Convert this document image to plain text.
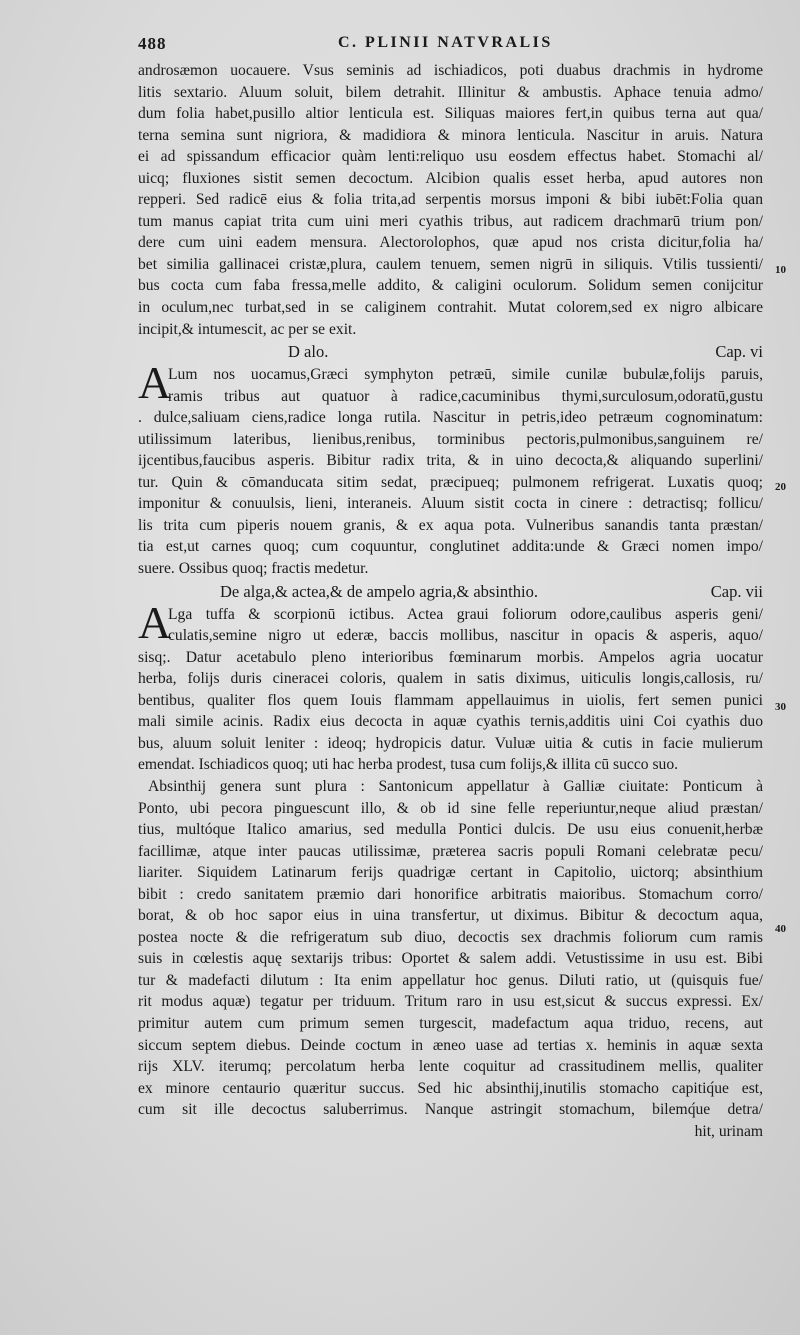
488	C. PLINII NATVRALIS
androsæmon uocauere. Vsus seminis ad ischiadicos, poti duabus drachmis in hydrome
litis sextario. Aluum soluit, bilem detrahit. Illinitur & ambustis. Aphace tenuia admo/
dum folia habet,pusillo altior lenticula est. Siliquas maiores fert,in quibus terna aut qua/
terna semina sunt nigriora, & madidiora & minora lenticula. Nascitur in aruis. Natura
ei ad spissandum efficacior quàm lenti:reliquo usu eosdem effectus habet. Stomachi al/
uicq; fluxiones sistit semen decoctum. Alcibion qualis esset herba, apud autores non
repperi. Sed radicē eius & folia trita,ad serpentis morsus imponi & bibi iubēt:Folia quan
tum manus capiat trita cum uini meri cyathis tribus, aut radicem drachmarū trium pon/
dere cum uini eadem mensura. Alectorolophos, quæ apud nos crista dicitur,folia ha/
bet similia gallinacei cristæ,plura, caulem tenuem, semen nigrū in siliquis. Vtilis tussienti/
bus cocta cum faba fressa,melle addito, & caligini oculorum. Solidum semen conijcitur
in oculum,nec turbat,sed in se caliginem contrahit. Mutat colorem,sed ex nigro albicare
incipit,& intumescit, ac per se exit.
D alo.	Cap. vi
A
Lum nos uocamus,Græci symphyton petræū, simile cunilæ bubulæ,folijs paruis,
ramis tribus aut quatuor à radice,cacuminibus thymi,surculosum,odoratū,gustu
. dulce,saliuam ciens,radice longa rutila. Nascitur in petris,ideo petræum cognominatum:
utilissimum lateribus, lienibus,renibus, torminibus pectoris,pulmonibus,sanguinem re/
ijcentibus,faucibus asperis. Bibitur radix trita, & in uino decocta,& aliquando superlini/
tur. Quin & cōmanducata sitim sedat, præcipueq; pulmonem refrigerat. Luxatis quoq;
imponitur & conuulsis, lieni, interaneis. Aluum sistit cocta in cinere : detractisq; follicu/
lis trita cum piperis nouem granis, & ex aqua pota. Vulneribus sanandis tanta præstan/
tia est,ut carnes quoq; cum coquuntur, conglutinet addita:unde & Græci nomen impo/
suere. Ossibus quoq; fractis medetur.
De alga,& actea,& de ampelo agria,& absinthio.	Cap. vii
A
Lga tuffa & scorpionū ictibus. Actea graui foliorum odore,caulibus asperis geni/
culatis,semine nigro ut ederæ, baccis mollibus, nascitur in opacis & asperis, aquo/
sisq;. Datur acetabulo pleno interioribus fœminarum morbis. Ampelos agria uocatur
herba, folijs duris cineracei coloris, qualem in satis diximus, uiticulis longis,callosis, ru/
bentibus, qualiter flos quem Iouis flammam appellauimus in uiolis, fert semen punici
mali simile acinis. Radix eius decocta in aquæ cyathis ternis,additis uini Coi cyathis duo
bus, aluum soluit leniter : ideoq; hydropicis datur. Vuluæ uitia & cutis in facie mulierum
emendat. Ischiadicos quoq; uti hac herba prodest, tusa cum folijs,& illita cū succo suo.
Absinthij genera sunt plura : Santonicum appellatur à Galliæ ciuitate: Ponticum à
Ponto, ubi pecora pinguescunt illo, & ob id sine felle reperiuntur,neque aliud præstan/
tius, multóque Italico amarius, sed medulla Pontici dulcis. De usu eius conuenit,herbæ
facillimæ, atque inter paucas utilissimæ, præterea sacris populi Romani celebratæ pecu/
liariter. Siquidem Latinarum ferijs quadrigæ certant in Capitolio, uictorq; absinthium
bibit : credo sanitatem præmio dari honorifice arbitratis maioribus. Stomachum corro/
borat, & ob hoc sapor eius in uina transfertur, ut diximus. Bibitur & decoctum aqua,
postea nocte & die refrigeratum sub diuo, decoctis sex drachmis foliorum cum ramis
suis in cœlestis aquę sextarijs tribus: Oportet & salem addi. Vetustissime in usu est. Bibi
tur & madefacti dilutum : Ita enim appellatur hoc genus. Diluti ratio, ut (quisquis fue/
rit modus aquæ) tegatur per triduum. Tritum raro in usu est,sicut & succus expressi. Ex/
primitur autem cum primum semen turgescit, madefactum aqua triduo, recens, aut
siccum septem diebus. Deinde coctum in æneo uase ad tertias x. heminis in aquæ sexta
rijs XLV. iterumq; percolatum herba lente coquitur ad crassitudinem mellis, qualiter
ex minore centaurio quæritur succus. Sed hic absinthij,inutilis stomacho capitiq́ue est,
cum sit ille decoctus saluberrimus. Nanque astringit stomachum, bilemq́ue detra/
hit, urinam
10
20
30
40
